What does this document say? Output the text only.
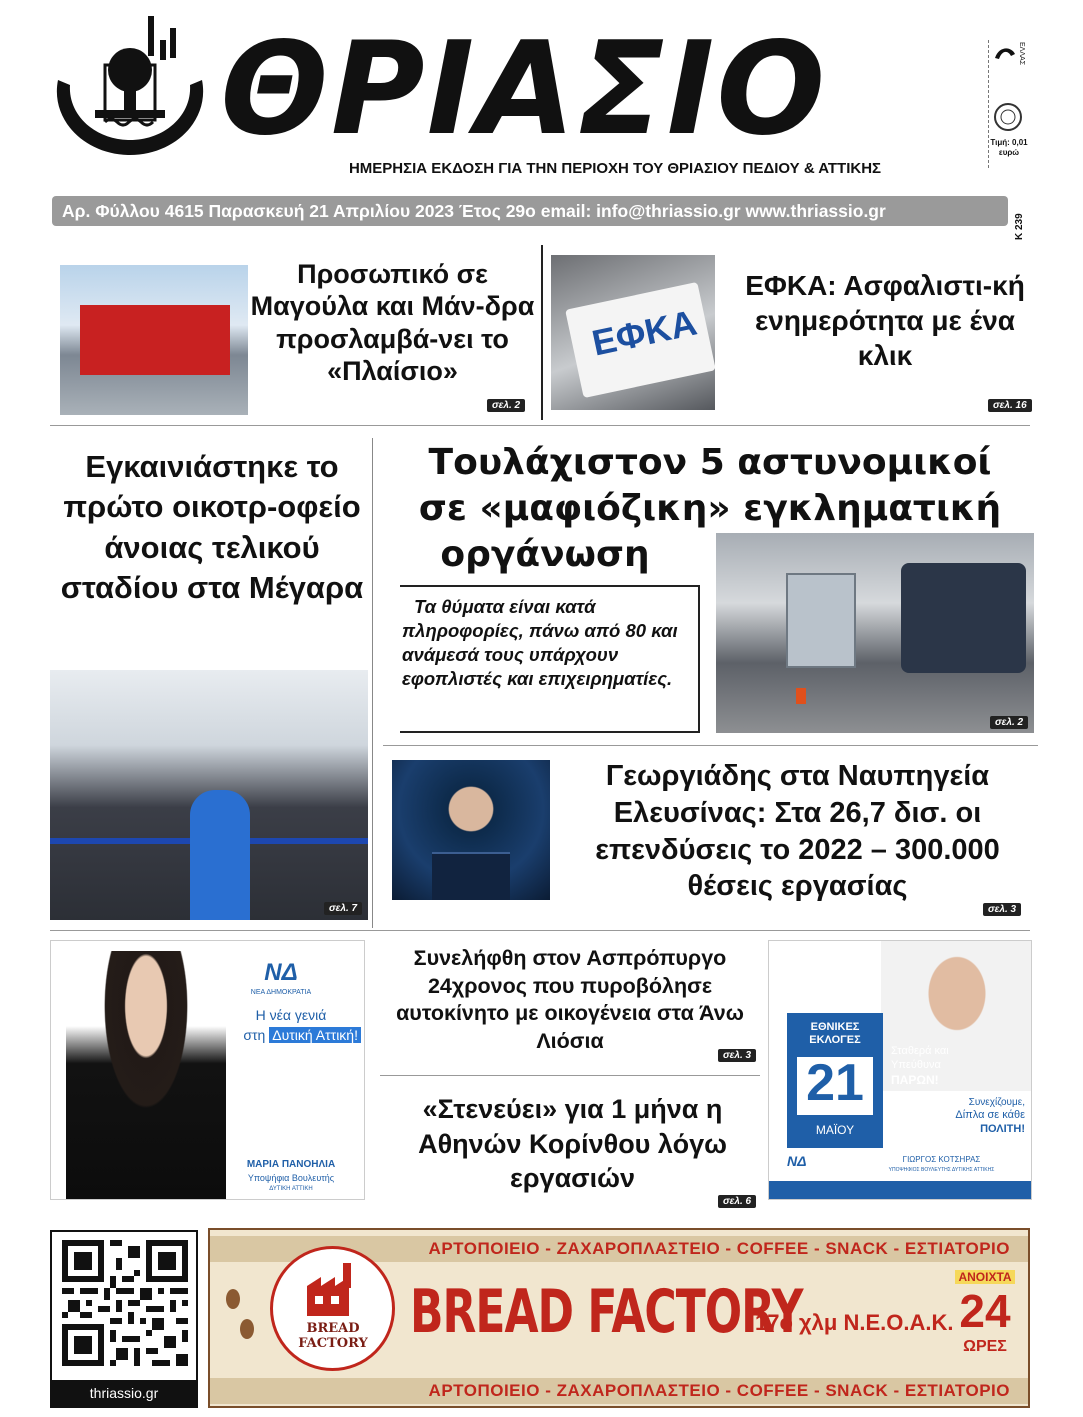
ΘΡΙΑΣΙΟ
ΗΜΕΡΗΣΙΑ ΕΚΔΟΣΗ ΓΙΑ ΤΗΝ ΠΕΡΙΟΧΗ ΤΟΥ ΘΡΙΑΣΙΟΥ ΠΕΔΙΟΥ & ΑΤΤΙΚΗΣ
Αρ. Φύλλου 4615 Παρασκευή 21 Απριλίου 2023 Έτος 29ο email: info@thriassio.gr www.thriassio.gr
ΕΛΛΑΣ
Τιμή: 0,01 ευρώ
Κ 239
Προσωπικό σε Μαγούλα και Μάν-δρα προσλαμβά-νει το «Πλαίσιο»
σελ. 2
ΕΦΚΑ
ΕΦΚΑ: Ασφαλιστι-κή ενημερότητα με ένα κλικ
σελ. 16
Εγκαινιάστηκε το πρώτο οικοτρ-οφείο άνοιας τελικού σταδίου στα Μέγαρα
σελ. 7
Τουλάχιστον 5 αστυνομικοί
σε «μαφιόζικη» εγκληματική
οργάνωση
Τα θύματα είναι κατά πληροφορίες, πάνω από 80 και ανάμεσά τους υπάρχουν εφοπλιστές και επιχειρηματίες.
σελ. 2
Γεωργιάδης στα Ναυπηγεία Ελευσίνας: Στα 26,7 δισ. οι επενδύσεις το 2022 – 300.000 θέσεις εργασίας
σελ. 3
ΝΔ
ΝΕΑ ΔΗΜΟΚΡΑΤΙΑ
Η νέα γενιά
στη Δυτική Αττική!
ΜΑΡΙΑ ΠΑΝΟΗΛΙΑ
Υποψήφια Βουλευτής
ΔΥΤΙΚΗ ΑΤΤΙΚΗ
Συνελήφθη στον Ασπρόπυργο 24χρονος που πυροβόλησε αυτοκίνητο με οικογένεια στα Άνω Λιόσια
σελ. 3
«Στενεύει» για 1 μήνα η Αθηνών Κορίνθου λόγω εργασιών
σελ. 6
ΕΘΝΙΚΕΣ ΕΚΛΟΓΕΣ
21
ΜΑΪΟΥ
Σταθερά και
Υπεύθυνα
ΠΑΡΩΝ!
Συνεχίζουμε,
Δίπλα σε κάθε
ΠΟΛΙΤΗ!
ΝΔ	ΓΙΩΡΓΟΣ ΚΟΤΣΗΡΑΣ
ΥΠΟΨΗΦΙΟΣ ΒΟΥΛΕΥΤΗΣ ΔΥΤΙΚΗΣ ΑΤΤΙΚΗΣ
thriassio.gr
ΑΡΤΟΠΟΙΕΙΟ - ΖΑΧΑΡΟΠΛΑΣΤΕΙΟ - COFFEE - SNACK - ΕΣΤΙΑΤΟΡΙΟ
ΑΡΤΟΠΟΙΕΙΟ - ΖΑΧΑΡΟΠΛΑΣΤΕΙΟ - COFFEE - SNACK - ΕΣΤΙΑΤΟΡΙΟ
BREAD FACTORY BREAD FACTORY
17ο χλμ Ν.Ε.Ο.Α.Κ.
ΑΝΟΙΧΤΑ
24
ΩΡΕΣ
